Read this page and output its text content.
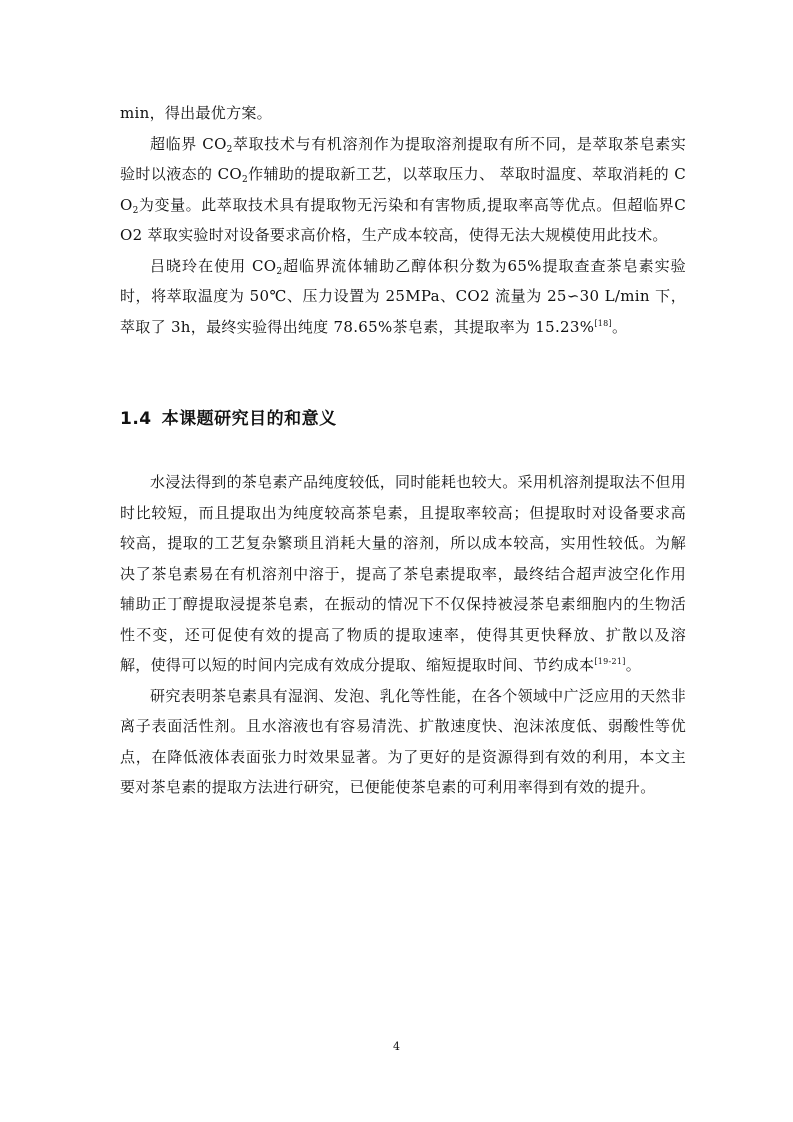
min，得出最优方案。

超临界 $CO_2$萃取技术与有机溶剂作为提取溶剂提取有所不同，是萃取茶皂素实验时以液态的 $CO_2$作辅助的提取新工艺，以萃取压力、 萃取时温度、萃取消耗的 $CO_2$为变量。此萃取技术具有提取物无污染和有害物质,提取率高等优点。但超临界CO2 萃取实验时对设备要求高价格，生产成本较高，使得无法大规模使用此技术。

吕晓玲在使用 $CO_2$超临界流体辅助乙醇体积分数为65%提取查查茶皂素实验时，将萃取温度为 50℃、压力设置为 25MPa、CO2 流量为 25∽30 L/min 下，萃取了 3h，最终实验得出纯度 78.65%茶皂素，其提取率为 15.23%[18]。

1.4 本课题研究目的和意义

水浸法得到的茶皂素产品纯度较低，同时能耗也较大。采用机溶剂提取法不但用时比较短，而且提取出为纯度较高茶皂素，且提取率较高；但提取时对设备要求高较高，提取的工艺复杂繁琐且消耗大量的溶剂，所以成本较高，实用性较低。为解决了茶皂素易在有机溶剂中溶于，提高了茶皂素提取率，最终结合超声波空化作用辅助正丁醇提取浸提茶皂素，在振动的情况下不仅保持被浸茶皂素细胞内的生物活性不变，还可促使有效的提高了物质的提取速率，使得其更快释放、扩散以及溶解，使得可以短的时间内完成有效成分提取、缩短提取时间、节约成本[19-21]。

研究表明茶皂素具有湿润、发泡、乳化等性能，在各个领域中广泛应用的天然非离子表面活性剂。且水溶液也有容易清洗、扩散速度快、泡沫浓度低、弱酸性等优点，在降低液体表面张力时效果显著。为了更好的是资源得到有效的利用，本文主要对茶皂素的提取方法进行研究，已便能使茶皂素的可利用率得到有效的提升。

4
